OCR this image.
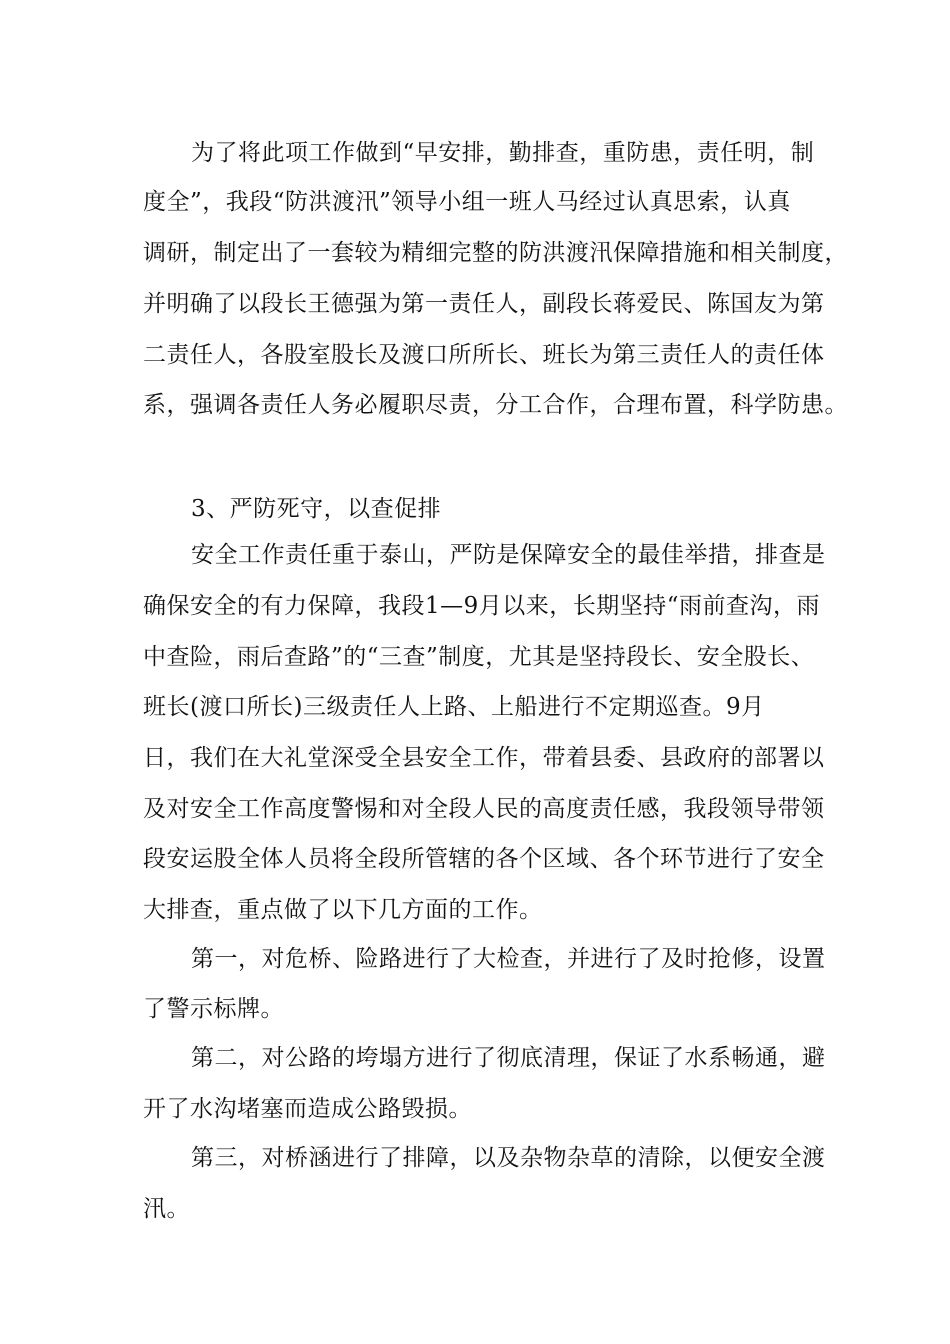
为了将此项工作做到“早安排，勤排查，重防患，责任明，制
度全”，我段“防洪渡汛”领导小组一班人马经过认真思索，认真
调研，制定出了一套较为精细完整的防洪渡汛保障措施和相关制度，
并明确了以段长王德强为第一责任人，副段长蒋爱民、陈国友为第
二责任人，各股室股长及渡口所所长、班长为第三责任人的责任体
系，强调各责任人务必履职尽责，分工合作，合理布置，科学防患。
3、严防死守，以查促排
安全工作责任重于泰山，严防是保障安全的最佳举措，排查是
确保安全的有力保障，我段1—9月以来，长期坚持“雨前查沟，雨
中查险，雨后查路”的“三查”制度，尤其是坚持段长、安全股长、
班长(渡口所长)三级责任人上路、上船进行不定期巡查。9月
日，我们在大礼堂深受全县安全工作，带着县委、县政府的部署以
及对安全工作高度警惕和对全段人民的高度责任感，我段领导带领
段安运股全体人员将全段所管辖的各个区域、各个环节进行了安全
大排查，重点做了以下几方面的工作。
第一，对危桥、险路进行了大检查，并进行了及时抢修，设置
了警示标牌。
第二，对公路的垮塌方进行了彻底清理，保证了水系畅通，避
开了水沟堵塞而造成公路毁损。
第三，对桥涵进行了排障，以及杂物杂草的清除，以便安全渡
汛。
